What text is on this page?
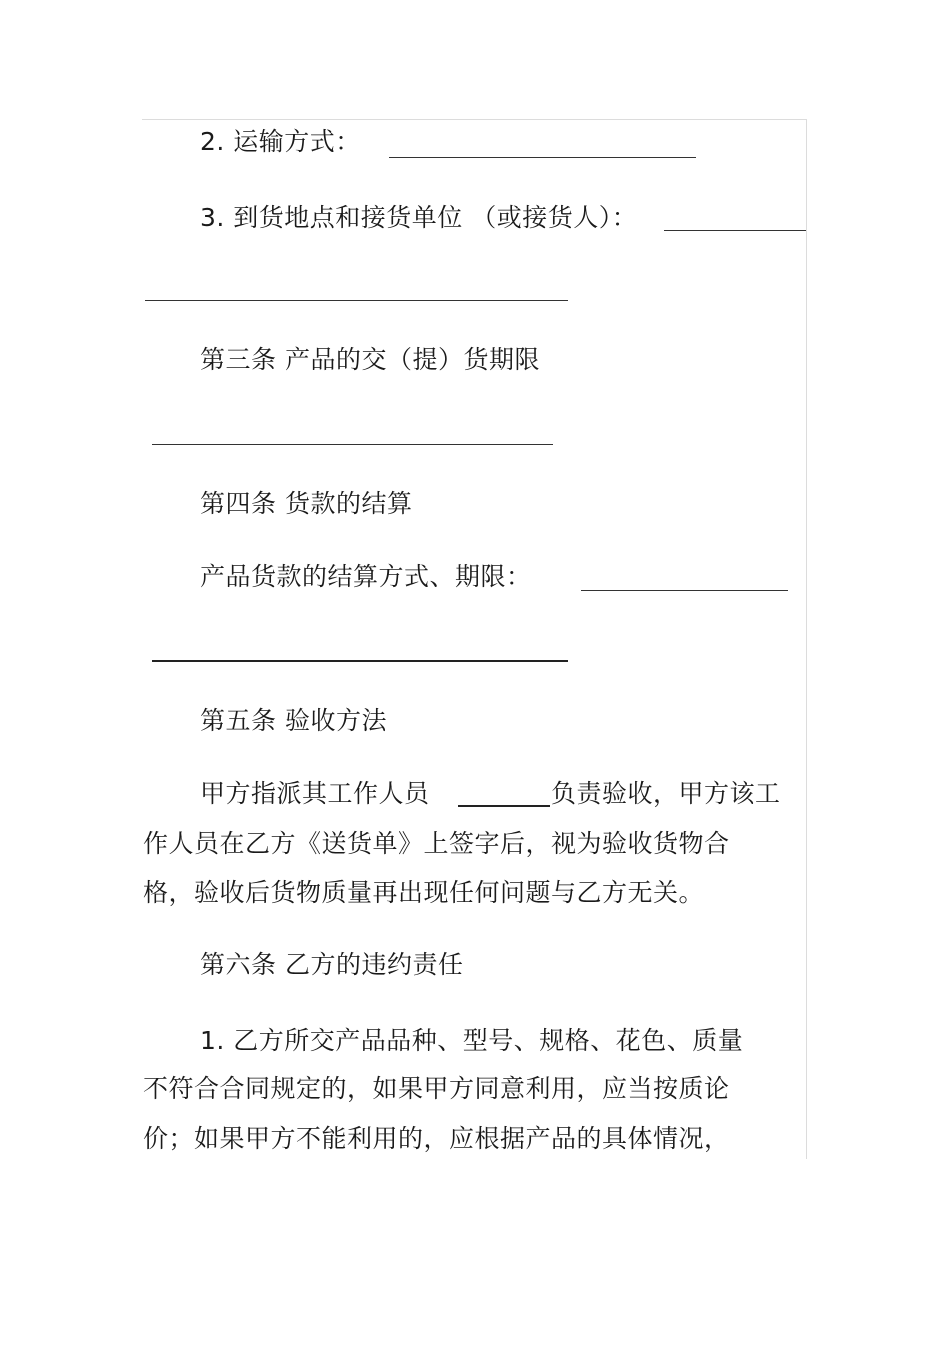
2. 运输方式：
3. 到货地点和接货单位 （或接货人）：
第三条 产品的交（提）货期限
第四条 货款的结算
产品货款的结算方式、期限：
第五条 验收方法
甲方指派其工作人员	负责验收，甲方该工
作人员在乙方《送货单》上签字后，视为验收货物合
格，验收后货物质量再出现任何问题与乙方无关。
第六条 乙方的违约责任
1. 乙方所交产品品种、型号、规格、花色、质量
不符合合同规定的，如果甲方同意利用，应当按质论
价；如果甲方不能利用的，应根据产品的具体情况，
